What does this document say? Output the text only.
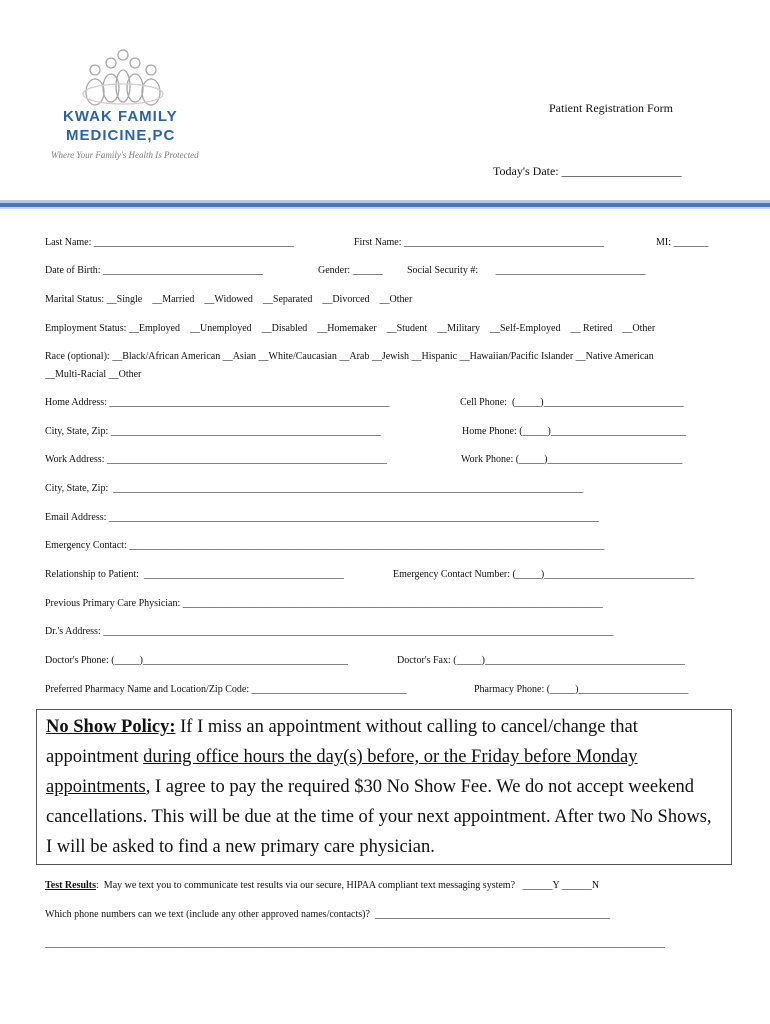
KWAK FAMILY
MEDICINE,PC
Where Your Family's Health Is Protected
Patient Registration Form
Today's Date: ____________________
Last Name: ________________________________________	First Name: ________________________________________	MI: _______
Date of Birth: ________________________________	Gender: ______ Social Security #:       ______________________________
Marital Status: __Single    __Married    __Widowed    __Separated    __Divorced    __Other
Employment Status: __Employed    __Unemployed    __Disabled    __Homemaker    __Student    __Military    __Self-Employed    __ Retired    __Other
Race (optional): __Black/African American __Asian __White/Caucasian __Arab __Jewish __Hispanic __Hawaiian/Pacific Islander __Native American
__Multi-Racial __Other
Home Address: ________________________________________________________	Cell Phone:  (_____)____________________________
City, State, Zip: ______________________________________________________	Home Phone: (_____)___________________________
Work Address: ________________________________________________________	Work Phone: (_____)___________________________
City, State, Zip:  ______________________________________________________________________________________________
Email Address: __________________________________________________________________________________________________
Emergency Contact: _______________________________________________________________________________________________
Relationship to Patient:  ________________________________________	Emergency Contact Number: (_____)______________________________
Previous Primary Care Physician: ____________________________________________________________________________________
Dr.'s Address: ______________________________________________________________________________________________________
Doctor's Phone: (_____)_________________________________________	Doctor's Fax: (_____)________________________________________
Preferred Pharmacy Name and Location/Zip Code: _______________________________	Pharmacy Phone: (_____)______________________
No Show Policy: If I miss an appointment without calling to cancel/change that
appointment during office hours the day(s) before, or the Friday before Monday
appointments, I agree to pay the required $30 No Show Fee. We do not accept weekend
cancellations. This will be due at the time of your next appointment. After two No Shows,
I will be asked to find a new primary care physician.
Test Results:  May we text you to communicate test results via our secure, HIPAA compliant text messaging system?   ______Y ______N
Which phone numbers can we text (include any other approved names/contacts)?  _______________________________________________
____________________________________________________________________________________________________________________________
